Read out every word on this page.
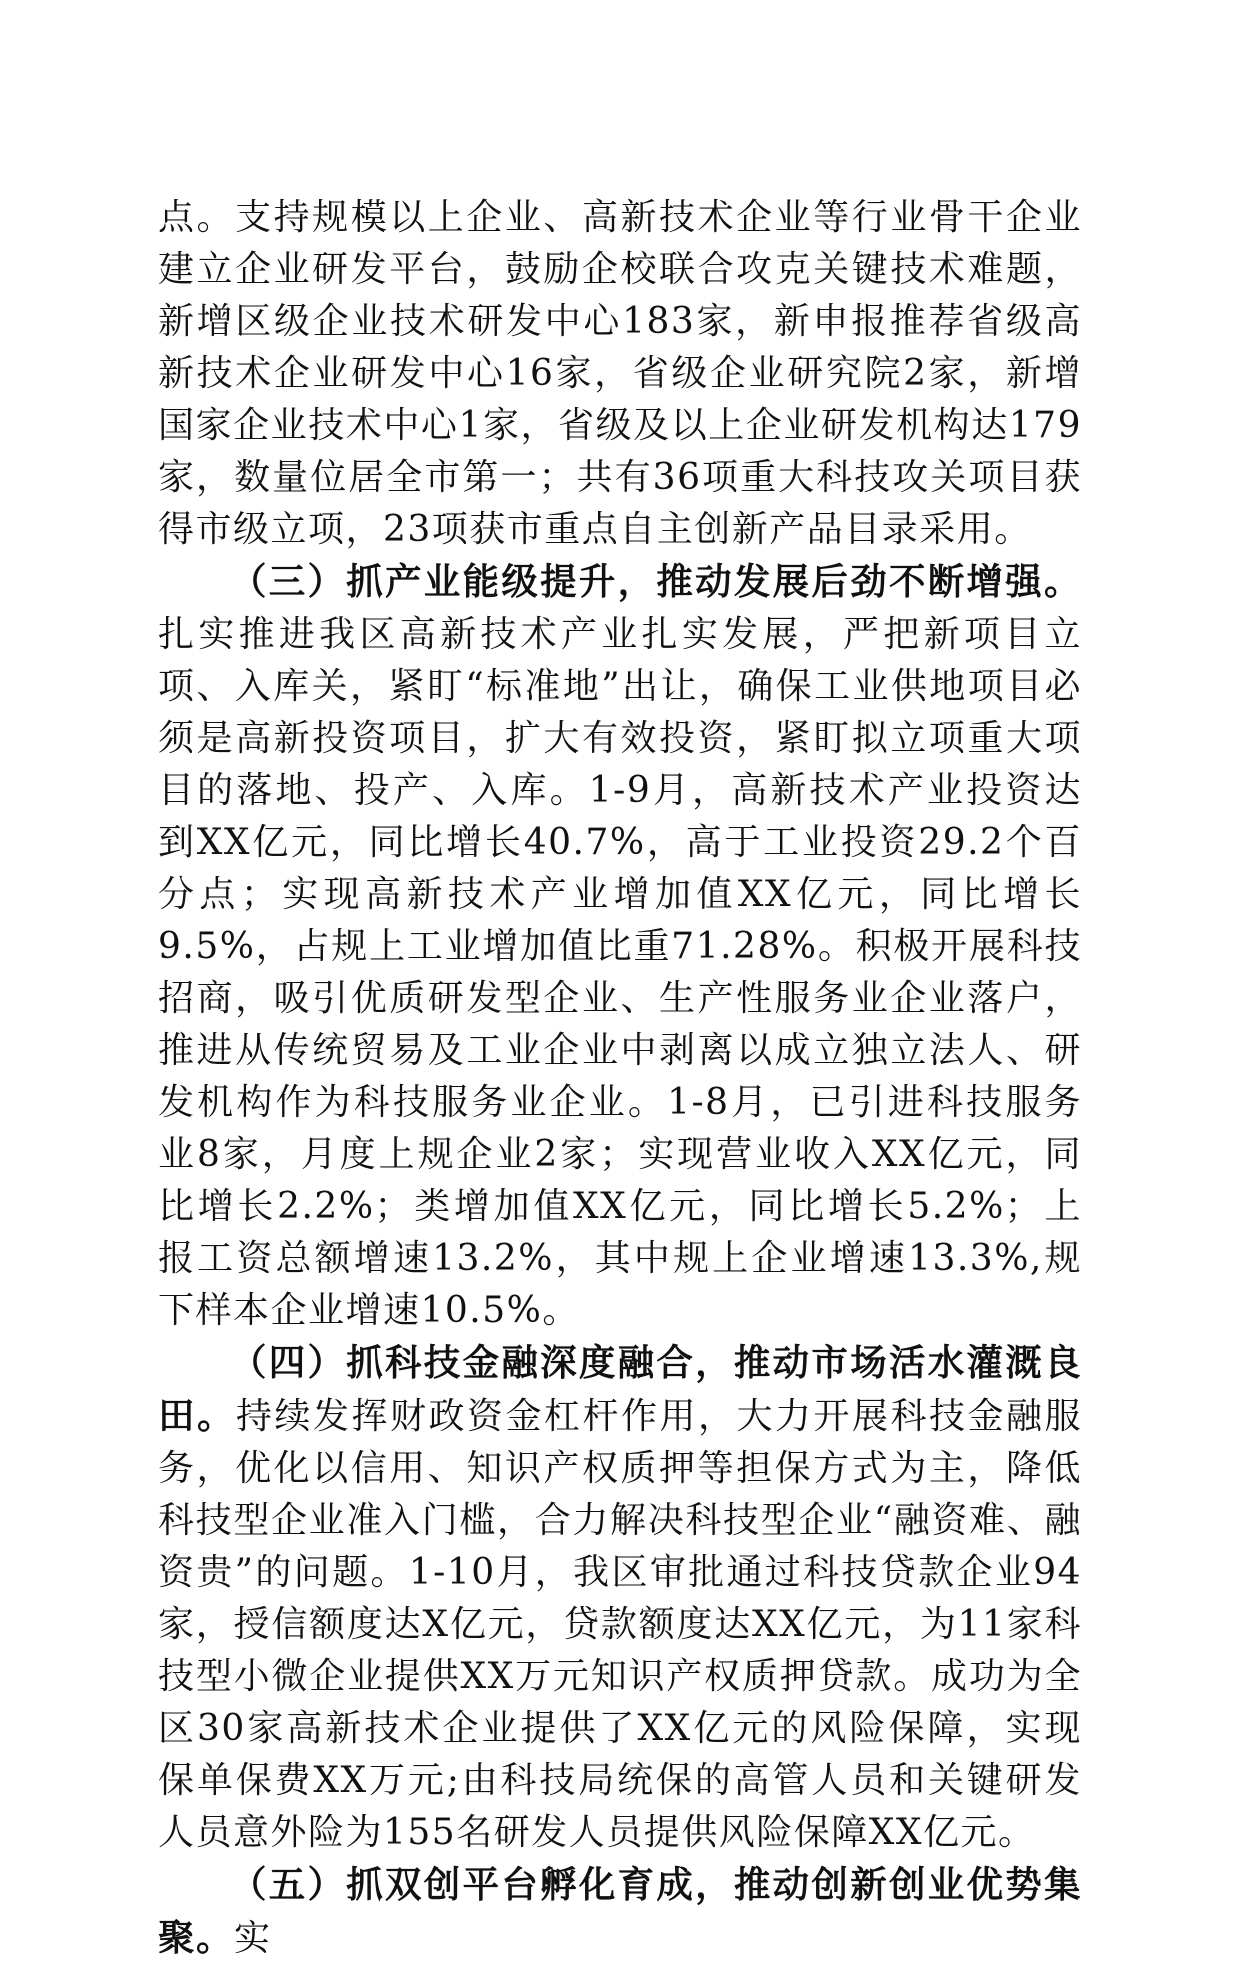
点。支持规模以上企业、高新技术企业等行业骨干企业建立企业研发平台，鼓励企校联合攻克关键技术难题，新增区级企业技术研发中心183家，新申报推荐省级高新技术企业研发中心16家，省级企业研究院2家，新增国家企业技术中心1家，省级及以上企业研发机构达179家，数量位居全市第一；共有36项重大科技攻关项目获得市级立项，23项获市重点自主创新产品目录采用。

（三）抓产业能级提升，推动发展后劲不断增强。扎实推进我区高新技术产业扎实发展，严把新项目立项、入库关，紧盯“标准地”出让，确保工业供地项目必须是高新投资项目，扩大有效投资，紧盯拟立项重大项目的落地、投产、入库。1-9月，高新技术产业投资达到XX亿元，同比增长40.7%，高于工业投资29.2个百分点；实现高新技术产业增加值XX亿元，同比增长9.5%，占规上工业增加值比重71.28%。积极开展科技招商，吸引优质研发型企业、生产性服务业企业落户，推进从传统贸易及工业企业中剥离以成立独立法人、研发机构作为科技服务业企业。1-8月，已引进科技服务业8家，月度上规企业2家；实现营业收入XX亿元，同比增长2.2%；类增加值XX亿元，同比增长5.2%；上报工资总额增速13.2%，其中规上企业增速13.3%,规下样本企业增速10.5%。

（四）抓科技金融深度融合，推动市场活水灌溉良田。持续发挥财政资金杠杆作用，大力开展科技金融服务，优化以信用、知识产权质押等担保方式为主，降低科技型企业准入门槛，合力解决科技型企业“融资难、融资贵”的问题。1-10月，我区审批通过科技贷款企业94家，授信额度达X亿元，贷款额度达XX亿元，为11家科技型小微企业提供XX万元知识产权质押贷款。成功为全区30家高新技术企业提供了XX亿元的风险保障，实现保单保费XX万元;由科技局统保的高管人员和关键研发人员意外险为155名研发人员提供风险保障XX亿元。

（五）抓双创平台孵化育成，推动创新创业优势集聚。实
